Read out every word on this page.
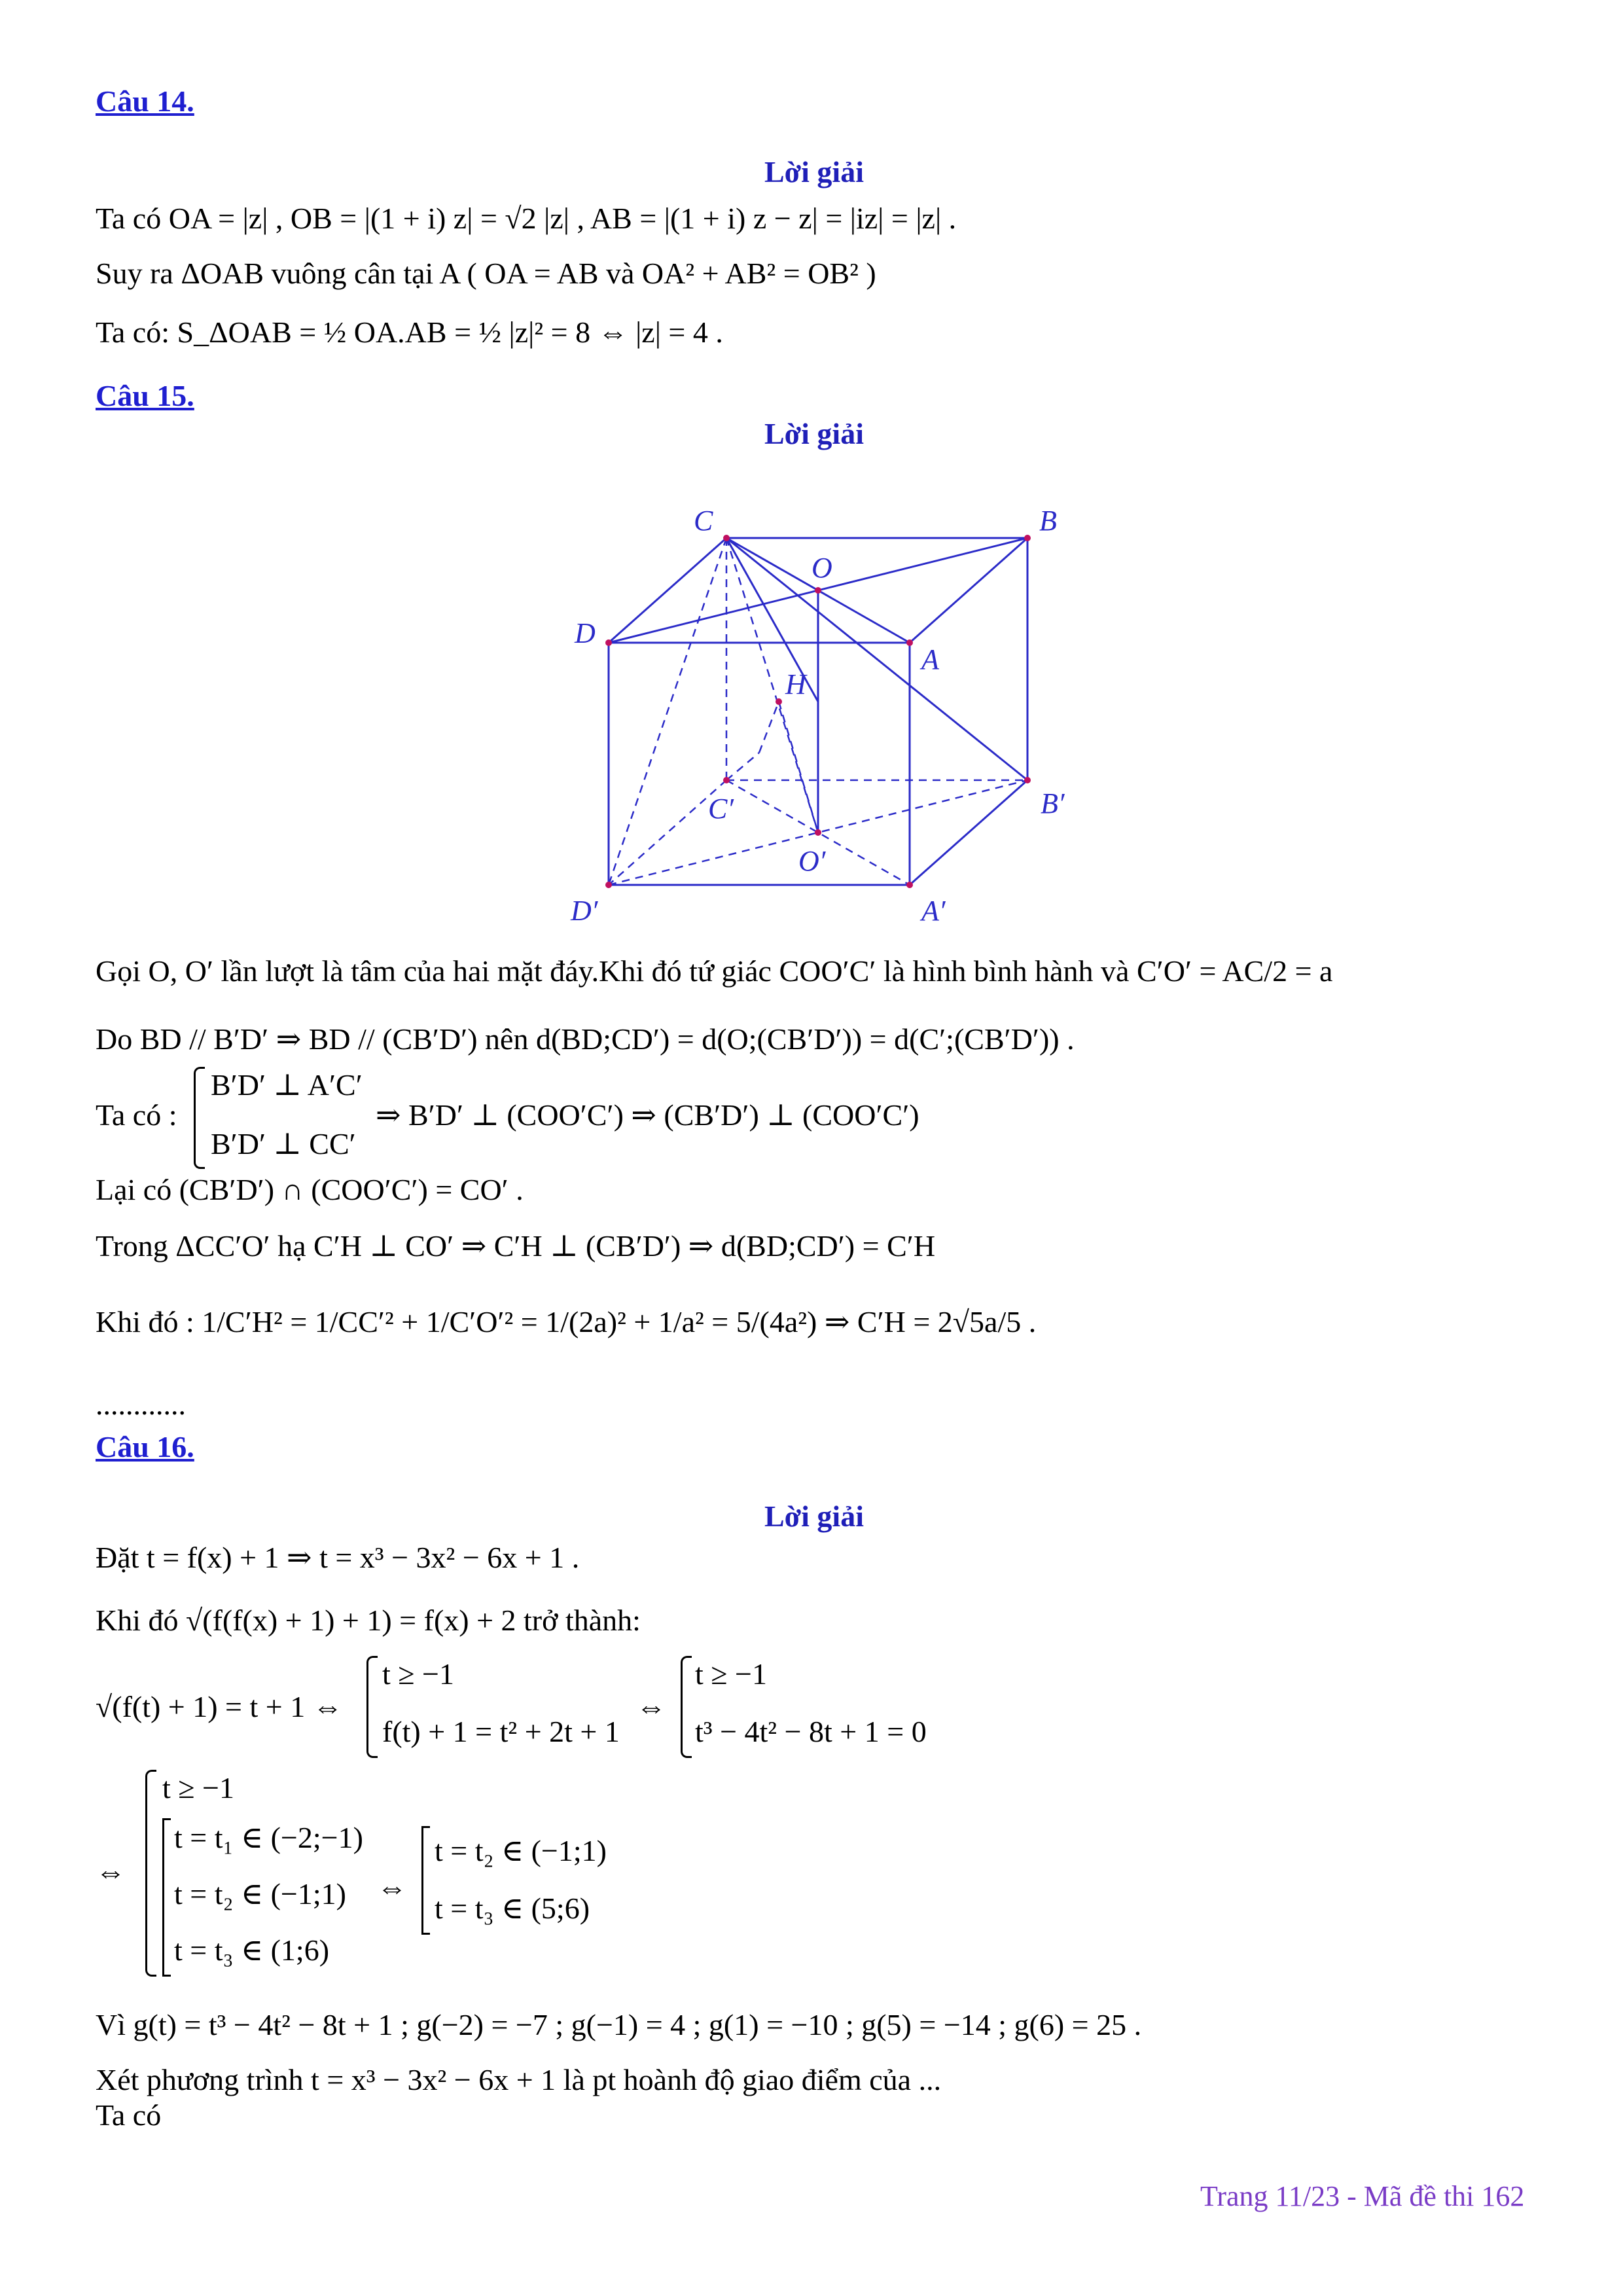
Câu 14.
Lời giải
Ta có OA = |z| , OB = |(1 + i) z| = √2 |z| , AB = |(1 + i) z − z| = |iz| = |z| .
Suy ra ΔOAB vuông cân tại A ( OA = AB và OA² + AB² = OB² )
Ta có: S_ΔOAB = ½ OA.AB = ½ |z|² = 8 ⇔ |z| = 4 .
Câu 15.
Lời giải
C	B
O
D
A
H
C′	B′
O′
D′	A′
Gọi O, O′ lần lượt là tâm của hai mặt đáy.Khi đó tứ giác COO′C′ là hình bình hành và C′O′ = AC/2 = a
Do BD // B′D′ ⇒ BD // (CB′D′) nên d(BD;CD′) = d(O;(CB′D′)) = d(C′;(CB′D′)) .
Ta có :
B′D′ ⊥ A′C′
B′D′ ⊥ CC′
⇒ B′D′ ⊥ (COO′C′) ⇒ (CB′D′) ⊥ (COO′C′)
Lại có (CB′D′) ∩ (COO′C′) = CO′ .
Trong ΔCC′O′ hạ C′H ⊥ CO′ ⇒ C′H ⊥ (CB′D′) ⇒ d(BD;CD′) = C′H
Khi đó : 1/C′H² = 1/CC′² + 1/C′O′² = 1/(2a)² + 1/a² = 5/(4a²) ⇒ C′H = 2√5a/5 .
............
Câu 16.
Lời giải
Đặt t = f(x) + 1 ⇒ t = x³ − 3x² − 6x + 1 .
Khi đó √(f(f(x) + 1) + 1) = f(x) + 2 trở thành:
√(f(t) + 1) = t + 1 ⇔
t ≥ −1
f(t) + 1 = t² + 2t + 1
⇔
t ≥ −1
t³ − 4t² − 8t + 1 = 0
⇔
t ≥ −1
t = t₁ ∈ (−2;−1)
t = t₂ ∈ (−1;1)
t = t₃ ∈ (1;6)
⇔
t = t₂ ∈ (−1;1)
t = t₃ ∈ (5;6)
Vì g(t) = t³ − 4t² − 8t + 1 ; g(−2) = −7 ; g(−1) = 4 ; g(1) = −10 ; g(5) = −14 ; g(6) = 25 .
Xét phương trình t = x³ − 3x² − 6x + 1 là pt hoành độ giao điểm của ...
Ta có
Trang 11/23 - Mã đề thi 162
